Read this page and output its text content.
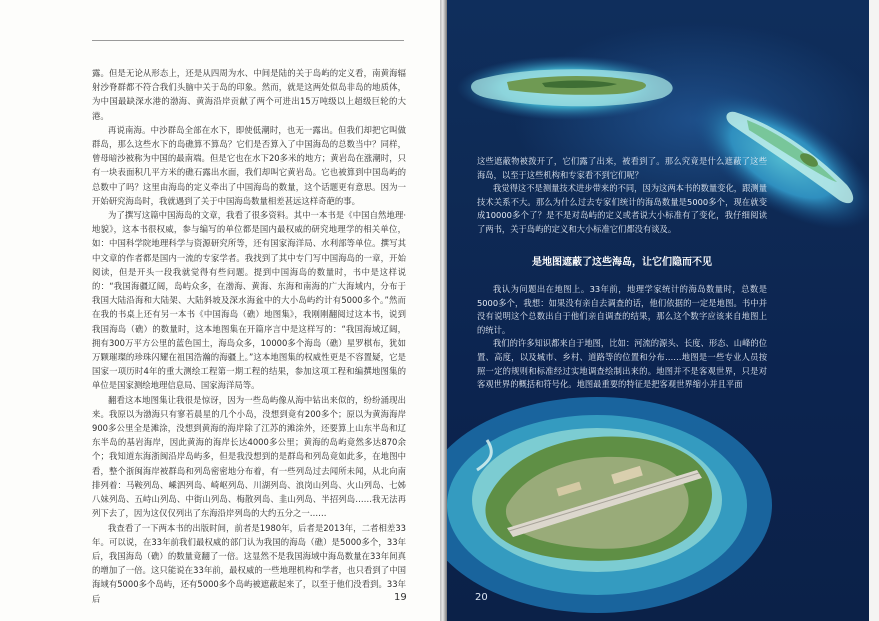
露。但是无论从形态上，还是从四周为水、中间是陆的关于岛屿的定义看，南黄海辐射沙脊群都不符合我们头脑中关于岛的印象。然而，就是这两处似岛非岛的地质体，为中国最缺深水港的渤海、黄海沿岸贡献了两个可进出15万吨级以上超级巨轮的大港。

再说南海。中沙群岛全部在水下，即使低潮时，也无一露出。但我们却把它叫做群岛，那么这些水下的岛礁算不算岛？它们是否算入了中国海岛的总数当中？同样，曾母暗沙被称为中国的最南端。但是它也在水下20多米的地方；黄岩岛在涨潮时，只有一块表面积几平方米的礁石露出水面，我们却叫它黄岩岛。它也被算到中国岛屿的总数中了吗？这里由海岛的定义牵出了中国海岛的数量，这个话题更有意思。因为一开始研究海岛时，我就遇到了关于中国海岛数量相差甚远这样奇葩的事。

为了撰写这篇中国海岛的文章，我看了很多资料。其中一本书是《中国自然地理·地貌》，这本书很权威，参与编写的单位都是国内最权威的研究地理学的相关单位，如：中国科学院地理科学与资源研究所等，还有国家海洋局、水利部等单位。撰写其中文章的作者都是国内一流的专家学者。我找到了其中专门写中国海岛的一章，开始阅读，但是开头一段我就觉得有些问题。提到中国海岛的数量时，书中是这样说的：“我国海疆辽阔，岛屿众多，在渤海、黄海、东海和南海的广大海域内，分布于我国大陆沿海和大陆架、大陆斜坡及深水海盆中的大小岛屿约计有5000多个。”然而在我的书桌上还有另一本书《中国海岛（礁）地图集》，我刚刚翻阅过这本书，说到我国海岛（礁）的数量时，这本地图集在开篇序言中是这样写的：“我国海域辽阔，拥有300万平方公里的蓝色国土，海岛众多，10000多个海岛（礁）星罗棋布，犹如万颗璀璨的珍珠闪耀在祖国浩瀚的海疆上。”这本地图集的权威性更是不容置疑，它是国家一项历时4年的重大测绘工程第一期工程的结果，参加这项工程和编撰地图集的单位是国家测绘地理信息局、国家海洋局等。

翻看这本地图集让我很是惊讶，因为一些岛屿像从海中钻出来似的，纷纷涌现出来。我原以为渤海只有寥若晨星的几个小岛，没想到竟有200多个；原以为黄海海岸900多公里全是滩涂，没想到黄海的海岸除了江苏的滩涂外，还要算上山东半岛和辽东半岛的基岩海岸，因此黄海的海岸长达4000多公里；黄海的岛屿竟然多达870余个；我知道东海浙闽沿岸岛屿多，但是我没想到的是群岛和列岛竟如此多，在地图中看，整个浙闽海岸被群岛和列岛密密地分布着，有一些列岛过去闻所未闻，从北向南排列着：马鞍列岛、嵊泗列岛、崎岖列岛、川湖列岛、浪岗山列岛、火山列岛、七姊八妹列岛、五峙山列岛、中街山列岛、梅散列岛、韭山列岛、半招列岛……我无法再列下去了，因为这仅仅列出了东海沿岸列岛的大约五分之一……

我查看了一下两本书的出版时间，前者是1980年，后者是2013年，二者相差33年。可以说，在33年前我们最权威的部门认为我国的海岛（礁）是5000多个，33年后，我国海岛（礁）的数量竟翻了一倍。这显然不是我国海域中海岛数量在33年间真的增加了一倍。这只能说在33年前，最权威的一些地理机构和学者，也只看到了中国海域有5000多个岛屿，还有5000多个岛屿被遮蔽起来了，以至于他们没看到。33年后	19

这些遮蔽物被拨开了，它们露了出来，被看到了。那么究竟是什么遮蔽了这些海岛，以至于这些机构和专家看不到它们呢？

我觉得这不是测量技术进步带来的不同，因为这两本书的数量变化，跟测量技术关系不大。那么为什么过去专家们统计的海岛数量是5000多个，现在就变成10000多个了？是不是对岛屿的定义或者说大小标准有了变化，我仔细阅读了两书，关于岛屿的定义和大小标准它们都没有谈及。

是地图遮蔽了这些海岛，让它们隐而不见

我认为问题出在地图上。33年前，地理学家统计的海岛数量时，总数是5000多个，我想：如果没有亲自去调查的话，他们依据的一定是地图。书中并没有说明这个总数出自于他们亲自调查的结果，那么这个数字应该来自地图上的统计。

我们的许多知识都来自于地图，比如：河流的源头、长度、形态、山峰的位置、高度，以及城市、乡村、道路等的位置和分布……地图是一些专业人员按照一定的规则和标准经过实地调查绘制出来的。地图并不是客观世界，只是对客观世界的概括和符号化。地图最重要的特征是把客观世界缩小并且平面

20
